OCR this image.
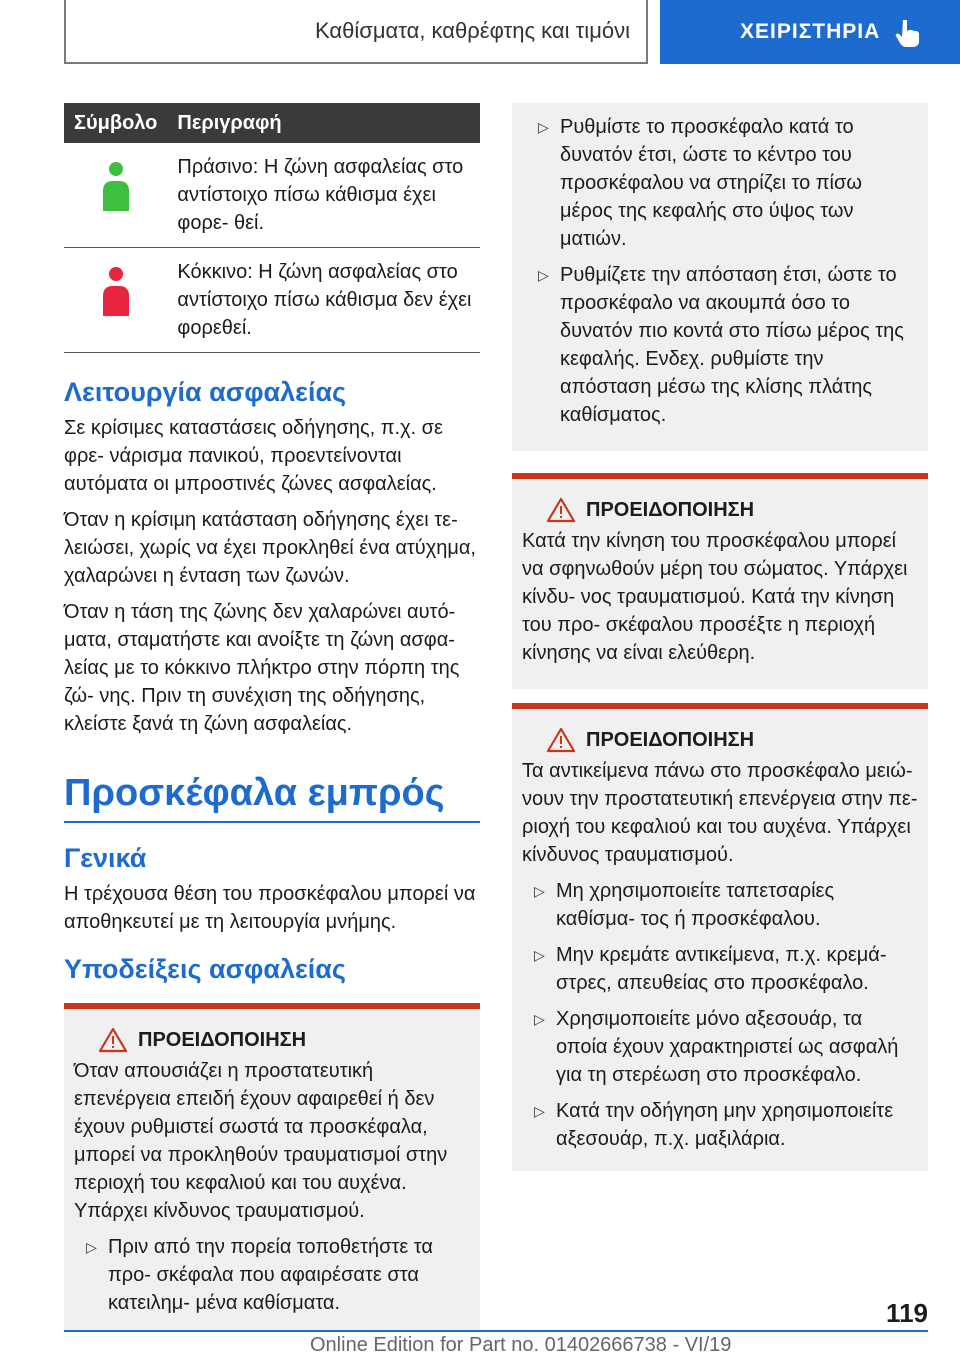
Καθίσματα, καθρέφτης και τιμόνι	ΧΕΙΡΙΣΤΗΡΙΑ
Σύμβολο	Περιγραφή
	Πράσινο: Η ζώνη ασφαλείας στο αντίστοιχο πίσω κάθισμα έχει φορε- θεί.
	Κόκκινο: Η ζώνη ασφαλείας στο αντίστοιχο πίσω κάθισμα δεν έχει φορεθεί.
Λειτουργία ασφαλείας

Σε κρίσιμες καταστάσεις οδήγησης, π.χ. σε φρε- νάρισμα πανικού, προεντείνονται αυτόματα οι μπροστινές ζώνες ασφαλείας.

Όταν η κρίσιμη κατάσταση οδήγησης έχει τε- λειώσει, χωρίς να έχει προκληθεί ένα ατύχημα, χαλαρώνει η ένταση των ζωνών.

Όταν η τάση της ζώνης δεν χαλαρώνει αυτό- ματα, σταματήστε και ανοίξτε τη ζώνη ασφα- λείας με το κόκκινο πλήκτρο στην πόρπη της ζώ- νης. Πριν τη συνέχιση της οδήγησης, κλείστε ξανά τη ζώνη ασφαλείας.

Προσκέφαλα εμπρός
Γενικά

Η τρέχουσα θέση του προσκέφαλου μπορεί να αποθηκευτεί με τη λειτουργία μνήμης.

Υποδείξεις ασφαλείας
ΠΡΟΕΙΔΟΠΟΙΗΣΗ

Όταν απουσιάζει η προστατευτική επενέργεια επειδή έχουν αφαιρεθεί ή δεν έχουν ρυθμιστεί σωστά τα προσκέφαλα, μπορεί να προκληθούν τραυματισμοί στην περιοχή του κεφαλιού και του αυχένα. Υπάρχει κίνδυνος τραυματισμού.

▷ Πριν από την πορεία τοποθετήστε τα προ- σκέφαλα που αφαιρέσατε στα κατειλημ- μένα καθίσματα.
▷ Ρυθμίστε το προσκέφαλο κατά το δυνατόν έτσι, ώστε το κέντρο του προσκέφαλου να στηρίζει το πίσω μέρος της κεφαλής στο ύψος των ματιών.
▷ Ρυθμίζετε την απόσταση έτσι, ώστε το προσκέφαλο να ακουμπά όσο το δυνατόν πιο κοντά στο πίσω μέρος της κεφαλής. Ενδεχ. ρυθμίστε την απόσταση μέσω της κλίσης πλάτης καθίσματος.
ΠΡΟΕΙΔΟΠΟΙΗΣΗ

Κατά την κίνηση του προσκέφαλου μπορεί να σφηνωθούν μέρη του σώματος. Υπάρχει κίνδυ- νος τραυματισμού. Κατά την κίνηση του προ- σκέφαλου προσέξτε η περιοχή κίνησης να είναι ελεύθερη.

ΠΡΟΕΙΔΟΠΟΙΗΣΗ

Τα αντικείμενα πάνω στο προσκέφαλο μειώ- νουν την προστατευτική επενέργεια στην πε- ριοχή του κεφαλιού και του αυχένα. Υπάρχει κίνδυνος τραυματισμού.

▷ Μη χρησιμοποιείτε ταπετσαρίες καθίσμα- τος ή προσκέφαλου.
▷ Μην κρεμάτε αντικείμενα, π.χ. κρεμά- στρες, απευθείας στο προσκέφαλο.
▷ Χρησιμοποιείτε μόνο αξεσουάρ, τα οποία έχουν χαρακτηριστεί ως ασφαλή για τη στερέωση στο προσκέφαλο.
▷ Κατά την οδήγηση μην χρησιμοποιείτε αξεσουάρ, π.χ. μαξιλάρια.
119
Online Edition for Part no. 01402666738 - VI/19
